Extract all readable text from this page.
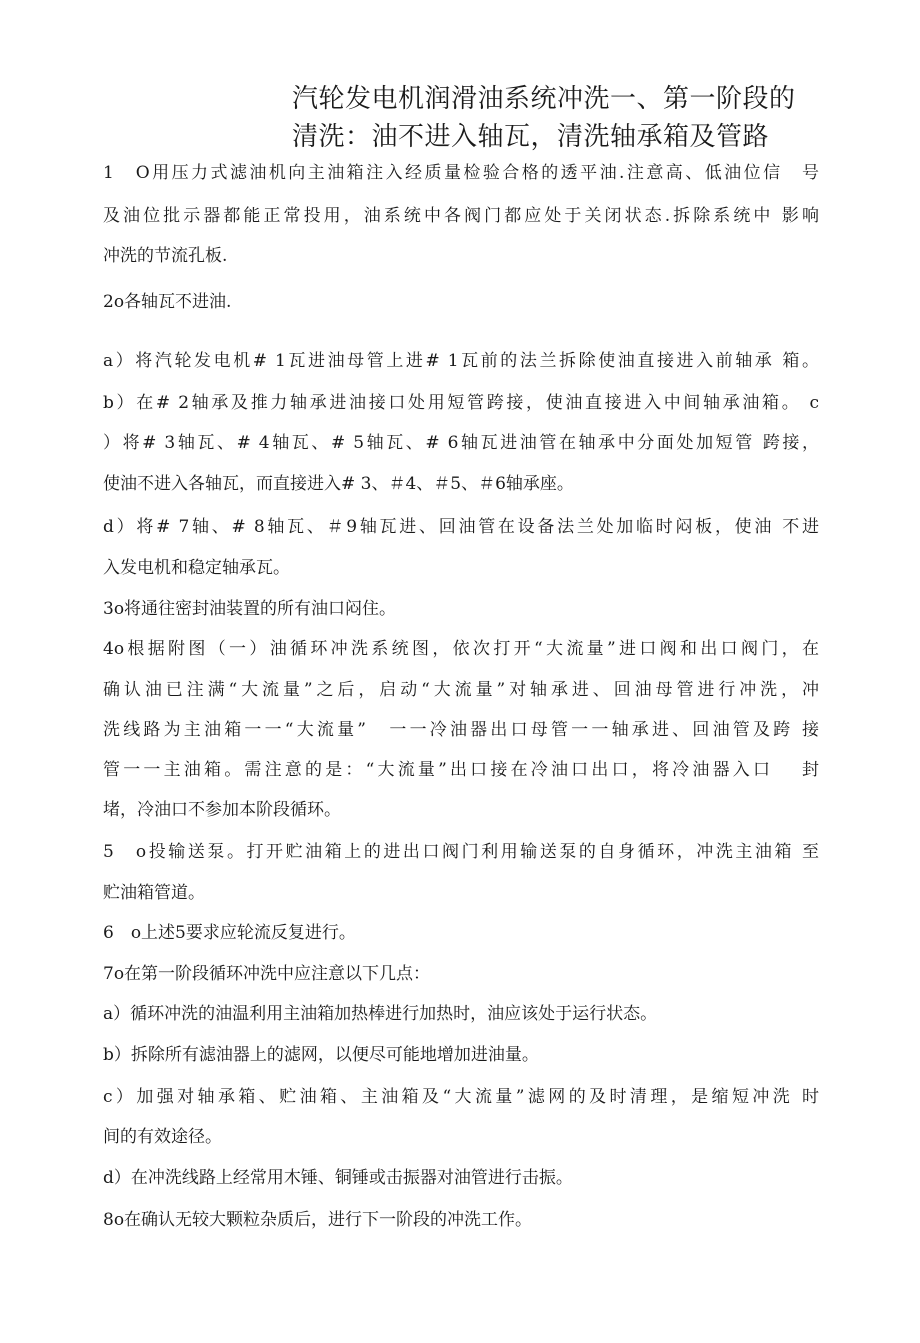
汽轮发电机润滑油系统冲洗一、第一阶段的
清洗：油不进入轴瓦，清洗轴承箱及管路
1　O用压力式滤油机向主油箱注入经质量检验合格的透平油.注意高、低油位信　号
及油位批示器都能正常投用，油系统中各阀门都应处于关闭状态.拆除系统中 影响
冲洗的节流孔板.
2o各轴瓦不进油.
a）将汽轮发电机# 1瓦进油母管上进# 1瓦前的法兰拆除使油直接进入前轴承 箱。
b）在# 2轴承及推力轴承进油接口处用短管跨接，使油直接进入中间轴承油箱。 c
）将# 3轴瓦、# 4轴瓦、# 5轴瓦、# 6轴瓦进油管在轴承中分面处加短管 跨接，
使油不进入各轴瓦，而直接进入# 3、＃4、＃5、＃6轴承座。
d）将# 7轴、# 8轴瓦、＃9轴瓦进、回油管在设备法兰处加临时闷板，使油 不进
入发电机和稳定轴承瓦。
3o将通往密封油装置的所有油口闷住。
4o根据附图（一）油循环冲洗系统图，依次打开“大流量”进口阀和出口阀门，在
确认油已注满“大流量”之后，启动“大流量”对轴承进、回油母管进行冲洗，冲
洗线路为主油箱一一“大流量”　一一冷油器出口母管一一轴承进、回油管及跨 接
管一一主油箱。需注意的是：“大流量”出口接在冷油口出口，将冷油器入口　 封
堵，冷油口不参加本阶段循环。
5　o投输送泵。打开贮油箱上的进出口阀门利用输送泵的自身循环，冲洗主油箱 至
贮油箱管道。
6　o上述5要求应轮流反复进行。
7o在第一阶段循环冲洗中应注意以下几点：
a）循环冲洗的油温利用主油箱加热棒进行加热时，油应该处于运行状态。
b）拆除所有滤油器上的滤网，以便尽可能地增加进油量。
c）加强对轴承箱、贮油箱、主油箱及“大流量”滤网的及时清理，是缩短冲洗 时
间的有效途径。
d）在冲洗线路上经常用木锤、铜锤或击振器对油管进行击振。
8o在确认无较大颗粒杂质后，进行下一阶段的冲洗工作。
